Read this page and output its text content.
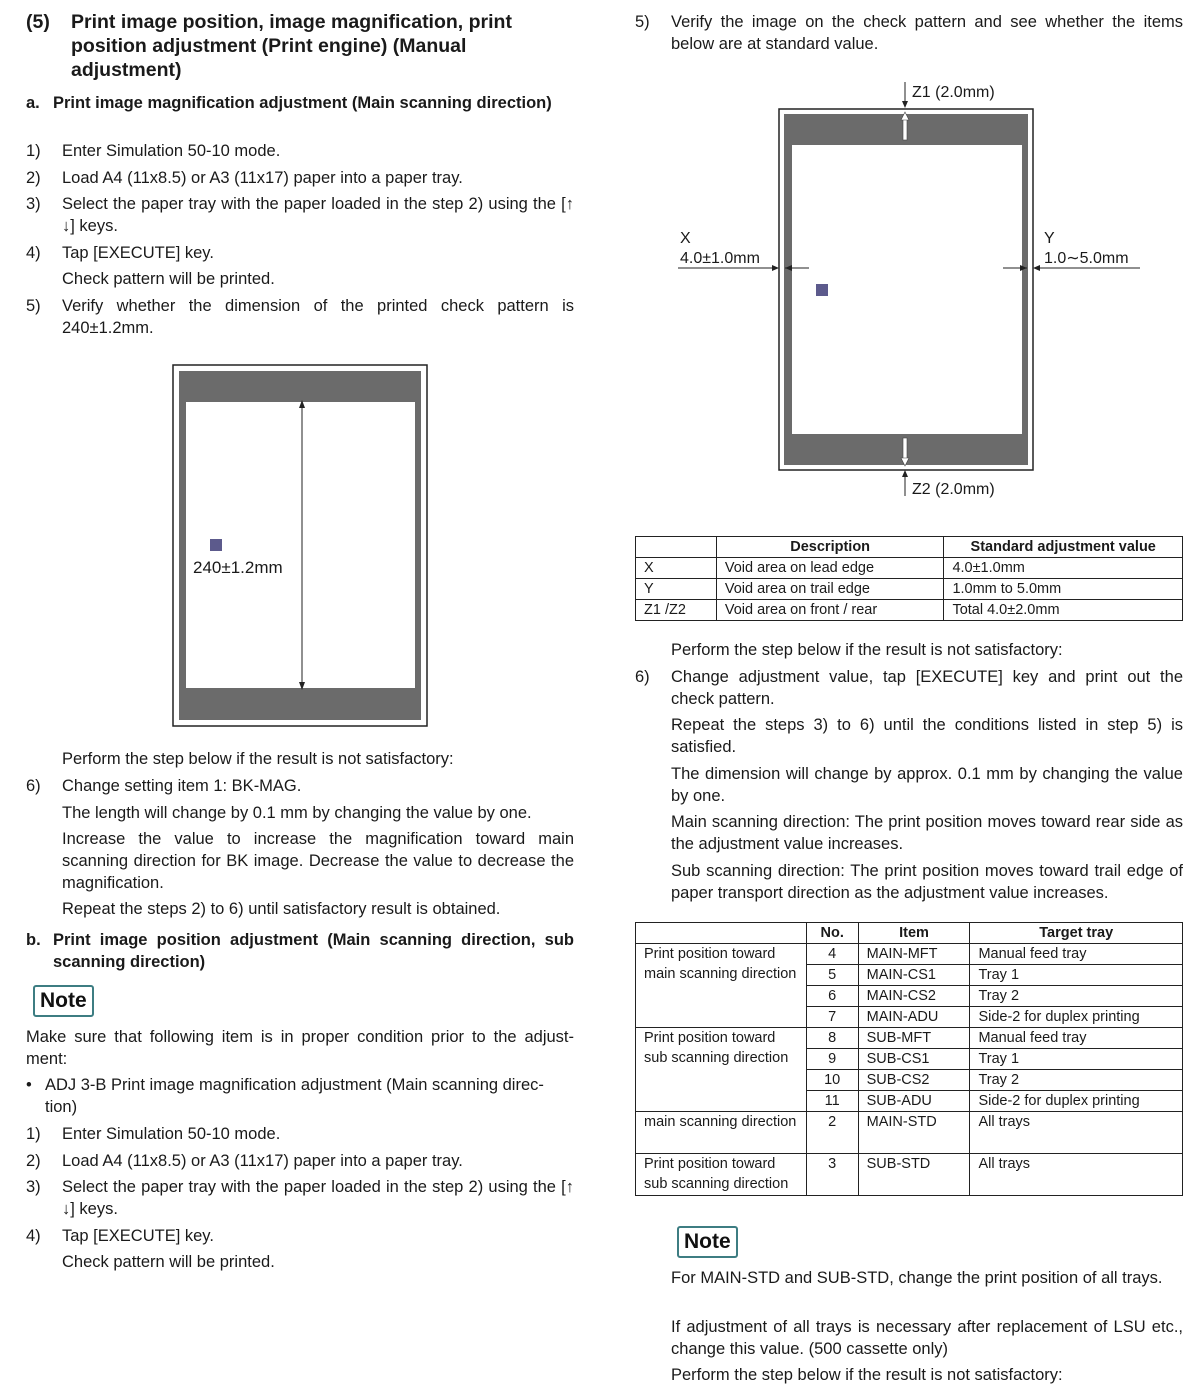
(5) Print image position, image magnification, print position adjustment (Print engine) (Manual adjustment)
a. Print image magnification adjustment (Main scanning direction)
1) Enter Simulation 50-10 mode.
2) Load A4 (11x8.5) or A3 (11x17) paper into a paper tray.
3) Select the paper tray with the paper loaded in the step 2) using the [↑ ↓] keys.
4) Tap [EXECUTE] key.
Check pattern will be printed.
5) Verify whether the dimension of the printed check pattern is 240±1.2mm.
240±1.2mm
Perform the step below if the result is not satisfactory:
6) Change setting item 1: BK-MAG.
The length will change by 0.1 mm by changing the value by one.
Increase the value to increase the magnification toward main scanning direction for BK image. Decrease the value to decrease the magnification.
Repeat the steps 2) to 6) until satisfactory result is obtained.
b. Print image position adjustment (Main scanning direction, sub scanning direction)
Note
Make sure that following item is in proper condition prior to the adjust-ment:
• ADJ 3-B Print image magnification adjustment (Main scanning direc-tion)
1) Enter Simulation 50-10 mode.
2) Load A4 (11x8.5) or A3 (11x17) paper into a paper tray.
3) Select the paper tray with the paper loaded in the step 2) using the [↑ ↓] keys.
4) Tap [EXECUTE] key.
Check pattern will be printed.
5) Verify the image on the check pattern and see whether the items below are at standard value.
Z1 (2.0mm)
Z2 (2.0mm)
X
4.0±1.0mm
Y
1.0∼5.0mm
	Description	Standard adjustment value
X	Void area on lead edge	4.0±1.0mm
Y	Void area on trail edge	1.0mm to 5.0mm
Z1 /Z2	Void area on front / rear	Total 4.0±2.0mm
Perform the step below if the result is not satisfactory:
6) Change adjustment value, tap [EXECUTE] key and print out the check pattern.
Repeat the steps 3) to 6) until the conditions listed in step 5) is satisfied.
The dimension will change by approx. 0.1 mm by changing the value by one.
Main scanning direction: The print position moves toward rear side as the adjustment value increases.
Sub scanning direction: The print position moves toward trail edge of paper transport direction as the adjustment value increases.
	No.	Item	Target tray
Print position toward main scanning direction	4	MAIN-MFT	Manual feed tray
	5	MAIN-CS1	Tray 1
	6	MAIN-CS2	Tray 2
	7	MAIN-ADU	Side-2 for duplex printing
Print position toward sub scanning direction	8	SUB-MFT	Manual feed tray
	9	SUB-CS1	Tray 1
	10	SUB-CS2	Tray 2
	11	SUB-ADU	Side-2 for duplex printing
main scanning direction	2	MAIN-STD	All trays
Print position toward sub scanning direction	3	SUB-STD	All trays
Note
For MAIN-STD and SUB-STD, change the print position of all trays.
If adjustment of all trays is necessary after replacement of LSU etc., change this value. (500 cassette only)
Perform the step below if the result is not satisfactory:
